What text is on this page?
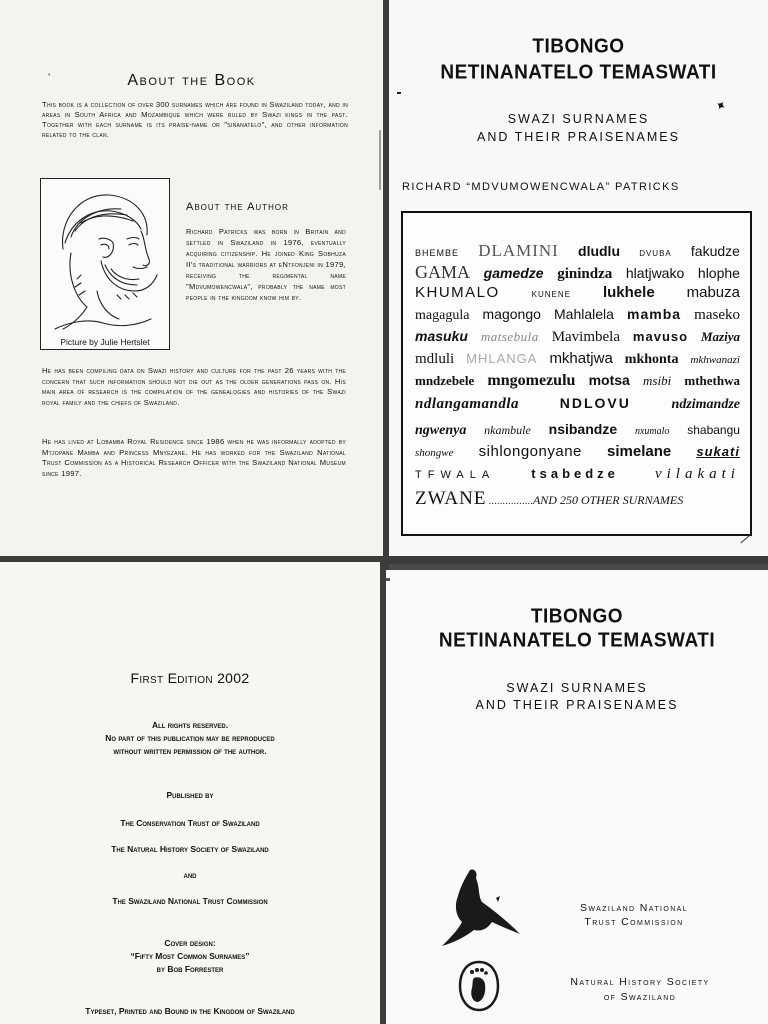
•	About the Book

This book is a collection of over 300 surnames which are found in Swaziland today, and in areas in South Africa and Mozambique which were ruled by Swazi kings in the past. Together with each surname is its praise-name or "sinanatelo", and other information related to the clan.

Picture by Julie Hertslet
About the Author

Richard Patricks was born in Britain and settled in Swaziland in 1976, eventually acquiring citizenship. He joined King Sobhuza II's traditional warriors at eNtfonjeni in 1979, receiving the regimental name "Mdvumowencwala", probably the name most people in the kingdom know him by.

He has been compiling data on Swazi history and culture for the past 26 years with the concern that such information should not die out as the older generations pass on. His main area of research is the compilation of the genealogies and histories of the Swazi royal family and the chiefs of Swaziland.

He has lived at Lobamba Royal Residence since 1986 when he was informally adopted by Mtjopane Mamba and Princess Mnyezane. He has worked for the Swaziland National Trust Commission as a Historical Research Officer with the Swaziland National Museum since 1997.

TIBONGO
NETINANATELO TEMASWATI
✦
SWAZI SURNAMES
AND THEIR PRAISENAMES
RICHARD “MDVUMOWENCWALA” PATRICKS
bhembe DLAMINI dludlu dvuba fakudze
GAMA gamedze ginindza hlatjwako hlophe
KHUMALO	kunene lukhele mabuza
magagula magongo Mahlalela mamba maseko
masuku matsebula Mavimbela mavuso Maziya
mdluli MHLANGA mkhatjwa mkhonta mkhwanazi
mndzebele mngomezulu motsa msibi mthethwa
ndlangamandla	NDLOVU	ndzimandze
ngwenya nkambule nsibandze nxumalo shabangu
shongwe sihlongonyane simelane sukati
TFWALA	tsabedze vilakati
ZWANE ................ AND 250 OTHER SURNAMES
First Edition 2002
All rights reserved.
No part of this publication may be reproduced
without written permission of the author.
Published by
The Conservation Trust of Swaziland
The Natural History Society of Swaziland
and
The Swaziland National Trust Commission
Cover design:
“Fifty Most Common Surnames”
by Bob Forrester
Typeset, Printed and Bound in the Kingdom of Swaziland
TIBONGO
NETINANATELO TEMASWATI
SWAZI SURNAMES
AND THEIR PRAISENAMES
Swaziland National
Trust Commission
Natural History Society
of Swaziland
